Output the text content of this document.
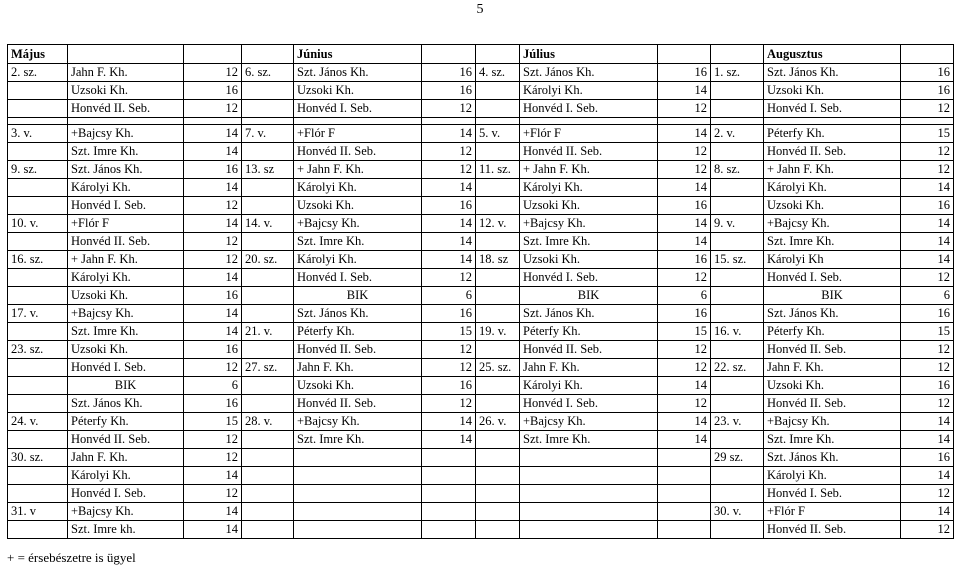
5
Május				Június			Július			Augusztus	
2. sz.	Jahn F. Kh.	12	6. sz.	Szt. János Kh.	16	4. sz.	Szt. János Kh.	16	1. sz.	Szt. János Kh.	16
	Uzsoki Kh.	16		Uzsoki Kh.	16		Károlyi Kh.	14		Uzsoki Kh.	16
	Honvéd II. Seb.	12		Honvéd I. Seb.	12		Honvéd I. Seb.	12		Honvéd I. Seb.	12

3. v.	+Bajcsy Kh.	14	7. v.	+Flór F	14	5. v.	+Flór F	14	2. v.	Péterfy Kh.	15
	Szt. Imre Kh.	14		Honvéd II. Seb.	12		Honvéd II. Seb.	12		Honvéd II. Seb.	12
9. sz.	Szt. János Kh.	16	13. sz	+ Jahn F. Kh.	12	11. sz.	+ Jahn F. Kh.	12	8. sz.	+ Jahn F. Kh.	12
	Károlyi Kh.	14		Károlyi Kh.	14		Károlyi Kh.	14		Károlyi Kh.	14
	Honvéd I. Seb.	12		Uzsoki Kh.	16		Uzsoki Kh.	16		Uzsoki Kh.	16
10. v.	+Flór F	14	14. v.	+Bajcsy Kh.	14	12. v.	+Bajcsy Kh.	14	9. v.	+Bajcsy Kh.	14
	Honvéd II. Seb.	12		Szt. Imre Kh.	14		Szt. Imre Kh.	14		Szt. Imre Kh.	14
16. sz.	+ Jahn F. Kh.	12	20. sz.	Károlyi Kh.	14	18. sz	Uzsoki Kh.	16	15. sz.	Károlyi Kh	14
	Károlyi Kh.	14		Honvéd I. Seb.	12		Honvéd I. Seb.	12		Honvéd I. Seb.	12
	Uzsoki Kh.	16		BIK	6		BIK	6		BIK	6
17. v.	+Bajcsy Kh.	14		Szt. János Kh.	16		Szt. János Kh.	16		Szt. János Kh.	16
	Szt. Imre Kh.	14	21. v.	Péterfy Kh.	15	19. v.	Péterfy Kh.	15	16. v.	Péterfy Kh.	15
23. sz.	Uzsoki Kh.	16		Honvéd II. Seb.	12		Honvéd II. Seb.	12		Honvéd II. Seb.	12
	Honvéd I. Seb.	12	27. sz.	Jahn F. Kh.	12	25. sz.	Jahn F. Kh.	12	22. sz.	Jahn F. Kh.	12
	BIK	6		Uzsoki Kh.	16		Károlyi Kh.	14		Uzsoki Kh.	16
	Szt. János Kh.	16		Honvéd II. Seb.	12		Honvéd I. Seb.	12		Honvéd II. Seb.	12
24. v.	Péterfy Kh.	15	28. v.	+Bajcsy Kh.	14	26. v.	+Bajcsy Kh.	14	23. v.	+Bajcsy Kh.	14
	Honvéd II. Seb.	12		Szt. Imre Kh.	14		Szt. Imre Kh.	14		Szt. Imre Kh.	14
30. sz.	Jahn F. Kh.	12							29 sz.	Szt. János Kh.	16
	Károlyi Kh.	14								Károlyi Kh.	14
	Honvéd I. Seb.	12								Honvéd I. Seb.	12
31. v	+Bajcsy Kh.	14							30. v.	+Flór F	14
	Szt. Imre kh.	14								Honvéd II. Seb.	12
+ = érsebészetre is ügyel
